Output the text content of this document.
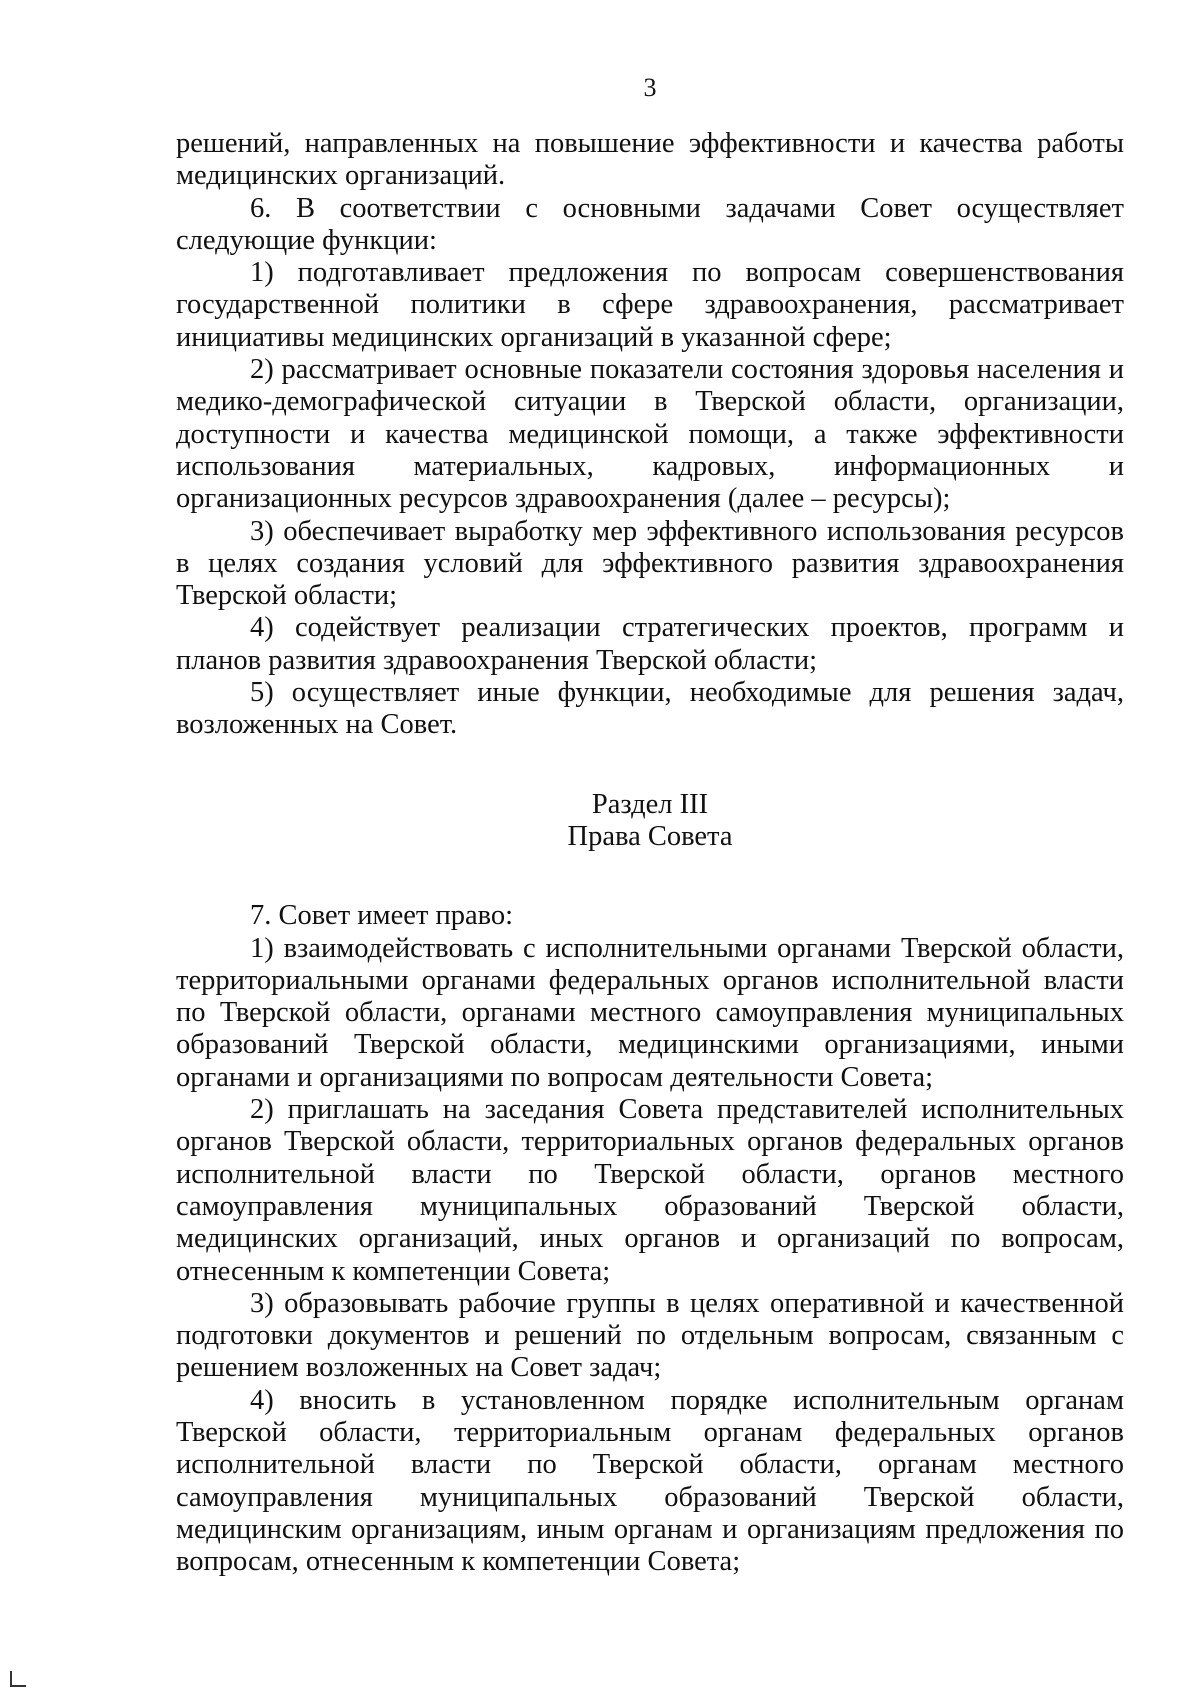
3

решений, направленных на повышение эффективности и качества работы медицинских организаций.

6. В соответствии с основными задачами Совет осуществляет следующие функции:

1) подготавливает предложения по вопросам совершенствования государственной политики в сфере здравоохранения, рассматривает инициативы медицинских организаций в указанной сфере;

2) рассматривает основные показатели состояния здоровья населения и медико-демографической ситуации в Тверской области, организации, доступности и качества медицинской помощи, а также эффективности использования материальных, кадровых, информационных и организационных ресурсов здравоохранения (далее – ресурсы);

3) обеспечивает выработку мер эффективного использования ресурсов в целях создания условий для эффективного развития здравоохранения Тверской области;

4) содействует реализации стратегических проектов, программ и планов развития здравоохранения Тверской области;

5) осуществляет иные функции, необходимые для решения задач, возложенных на Совет.

Раздел III

Права Совета

7. Совет имеет право:

1) взаимодействовать с исполнительными органами Тверской области, территориальными органами федеральных органов исполнительной власти по Тверской области, органами местного самоуправления муниципальных образований Тверской области, медицинскими организациями, иными органами и организациями по вопросам деятельности Совета;

2) приглашать на заседания Совета представителей исполнительных органов Тверской области, территориальных органов федеральных органов исполнительной власти по Тверской области, органов местного самоуправления муниципальных образований Тверской области, медицинских организаций, иных органов и организаций по вопросам, отнесенным к компетенции Совета;

3) образовывать рабочие группы в целях оперативной и качественной подготовки документов и решений по отдельным вопросам, связанным с решением возложенных на Совет задач;

4) вносить в установленном порядке исполнительным органам Тверской области, территориальным органам федеральных органов исполнительной власти по Тверской области, органам местного самоуправления муниципальных образований Тверской области, медицинским организациям, иным органам и организациям предложения по вопросам, отнесенным к компетенции Совета;
